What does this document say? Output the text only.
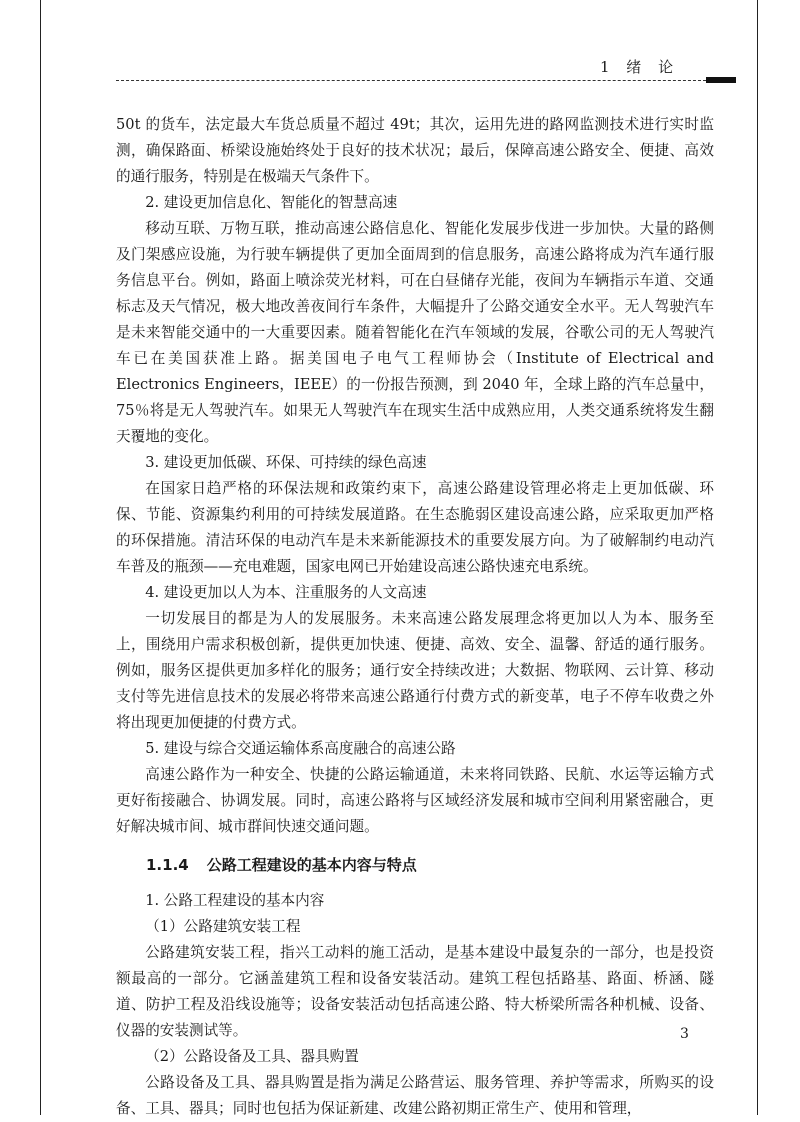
1 绪 论

50t 的货车，法定最大车货总质量不超过 49t；其次，运用先进的路网监测技术进行实时监测，确保路面、桥梁设施始终处于良好的技术状况；最后，保障高速公路安全、便捷、高效的通行服务，特别是在极端天气条件下。

2. 建设更加信息化、智能化的智慧高速

移动互联、万物互联，推动高速公路信息化、智能化发展步伐进一步加快。大量的路侧及门架感应设施，为行驶车辆提供了更加全面周到的信息服务，高速公路将成为汽车通行服务信息平台。例如，路面上喷涂荧光材料，可在白昼储存光能，夜间为车辆指示车道、交通标志及天气情况，极大地改善夜间行车条件，大幅提升了公路交通安全水平。无人驾驶汽车是未来智能交通中的一大重要因素。随着智能化在汽车领域的发展，谷歌公司的无人驾驶汽车已在美国获准上路。据美国电子电气工程师协会（Institute of Electrical and Electronics Engineers，IEEE）的一份报告预测，到 2040 年，全球上路的汽车总量中，75％将是无人驾驶汽车。如果无人驾驶汽车在现实生活中成熟应用，人类交通系统将发生翻天覆地的变化。

3. 建设更加低碳、环保、可持续的绿色高速

在国家日趋严格的环保法规和政策约束下，高速公路建设管理必将走上更加低碳、环保、节能、资源集约利用的可持续发展道路。在生态脆弱区建设高速公路，应采取更加严格的环保措施。清洁环保的电动汽车是未来新能源技术的重要发展方向。为了破解制约电动汽车普及的瓶颈——充电难题，国家电网已开始建设高速公路快速充电系统。

4. 建设更加以人为本、注重服务的人文高速

一切发展目的都是为人的发展服务。未来高速公路发展理念将更加以人为本、服务至上，围绕用户需求积极创新，提供更加快速、便捷、高效、安全、温馨、舒适的通行服务。例如，服务区提供更加多样化的服务；通行安全持续改进；大数据、物联网、云计算、移动支付等先进信息技术的发展必将带来高速公路通行付费方式的新变革，电子不停车收费之外将出现更加便捷的付费方式。

5. 建设与综合交通运输体系高度融合的高速公路

高速公路作为一种安全、快捷的公路运输通道，未来将同铁路、民航、水运等运输方式更好衔接融合、协调发展。同时，高速公路将与区域经济发展和城市空间利用紧密融合，更好解决城市间、城市群间快速交通问题。

1.1.4 公路工程建设的基本内容与特点

1. 公路工程建设的基本内容

（1）公路建筑安装工程

公路建筑安装工程，指兴工动料的施工活动，是基本建设中最复杂的一部分，也是投资额最高的一部分。它涵盖建筑工程和设备安装活动。建筑工程包括路基、路面、桥涵、隧道、防护工程及沿线设施等；设备安装活动包括高速公路、特大桥梁所需各种机械、设备、仪器的安装测试等。

（2）公路设备及工具、器具购置

公路设备及工具、器具购置是指为满足公路营运、服务管理、养护等需求，所购买的设备、工具、器具；同时也包括为保证新建、改建公路初期正常生产、使用和管理，

3
